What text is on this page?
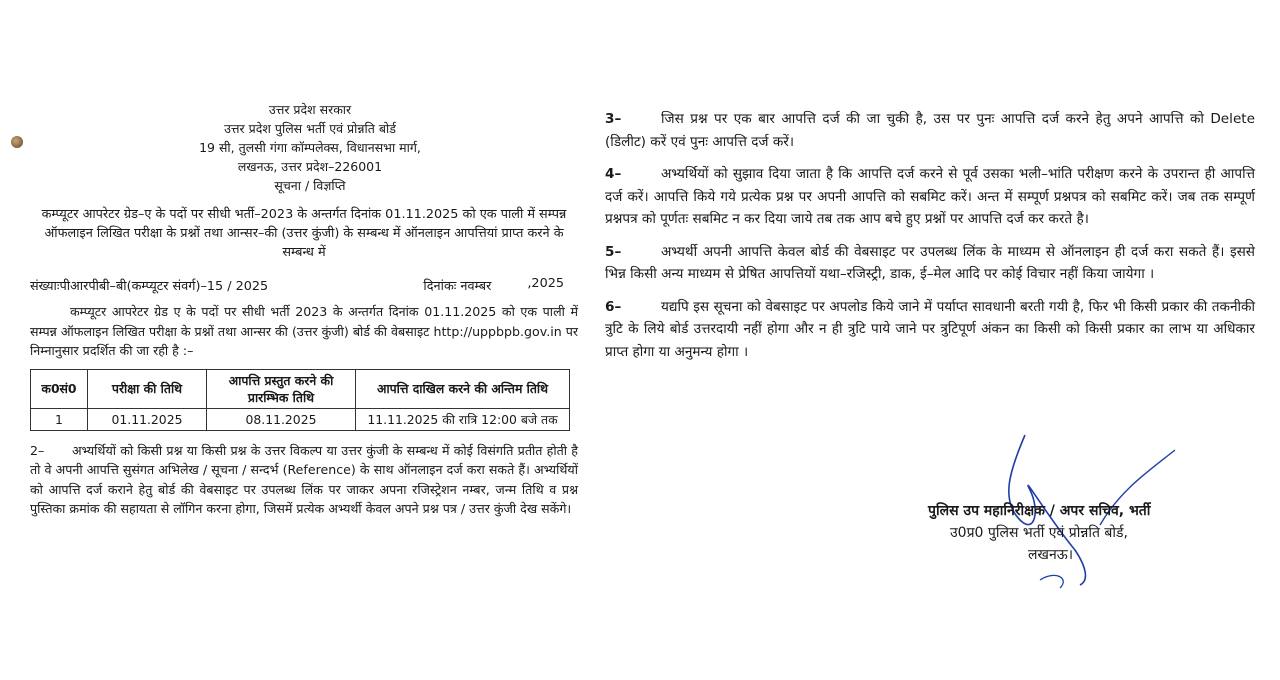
उत्तर प्रदेश सरकार
उत्तर प्रदेश पुलिस भर्ती एवं प्रोन्नति बोर्ड
19 सी, तुलसी गंगा कॉम्पलेक्स, विधानसभा मार्ग,
लखनऊ, उत्तर प्रदेश–226001
सूचना / विज्ञप्ति
कम्प्यूटर आपरेटर ग्रेड–ए के पदों पर सीधी भर्ती–2023 के अन्तर्गत दिनांक 01.11.2025 को एक पाली में सम्पन्न ऑफलाइन लिखित परीक्षा के प्रश्नों तथा आन्सर–की (उत्तर कुंजी) के सम्बन्ध में ऑनलाइन आपत्तियां प्राप्त करने के सम्बन्ध में
संख्याःपीआरपीबी–बी(कम्प्यूटर संवर्ग)–15 / 2025	दिनांकः नवम्बर	,2025

कम्प्यूटर आपरेटर ग्रेड ए के पदों पर सीधी भर्ती 2023 के अन्तर्गत दिनांक 01.11.2025 को एक पाली में सम्पन्न ऑफलाइन लिखित परीक्षा के प्रश्नों तथा आन्सर की (उत्तर कुंजी) बोर्ड की वेबसाइट http://uppbpb.gov.in पर निम्नानुसार प्रदर्शित की जा रही है :–

क0सं0	परीक्षा की तिथि	आपत्ति प्रस्तुत करने की प्रारम्भिक तिथि	आपत्ति दाखिल करने की अन्तिम तिथि
1	01.11.2025	08.11.2025	11.11.2025 की रात्रि 12:00 बजे तक

2– अभ्यर्थियों को किसी प्रश्न या किसी प्रश्न के उत्तर विकल्प या उत्तर कुंजी के सम्बन्ध में कोई विसंगति प्रतीत होती है तो वे अपनी आपत्ति सुसंगत अभिलेख / सूचना / सन्दर्भ (Reference) के साथ ऑनलाइन दर्ज करा सकते हैं। अभ्यर्थियों को आपत्ति दर्ज कराने हेतु बोर्ड की वेबसाइट पर उपलब्ध लिंक पर जाकर अपना रजिस्ट्रेशन नम्बर, जन्म तिथि व प्रश्न पुस्तिका क्रमांक की सहायता से लॉगिन करना होगा, जिसमें प्रत्येक अभ्यर्थी केवल अपने प्रश्न पत्र / उत्तर कुंजी देख सकेंगे।

3–	जिस प्रश्न पर एक बार आपत्ति दर्ज की जा चुकी है, उस पर पुनः आपत्ति दर्ज करने हेतु अपने आपत्ति को Delete (डिलीट) करें एवं पुनः आपत्ति दर्ज करें।

4–	अभ्यर्थियों को सुझाव दिया जाता है कि आपत्ति दर्ज करने से पूर्व उसका भली–भांति परीक्षण करने के उपरान्त ही आपत्ति दर्ज करें। आपत्ति किये गये प्रत्येक प्रश्न पर अपनी आपत्ति को सबमिट करें। अन्त में सम्पूर्ण प्रश्नपत्र को सबमिट करें। जब तक सम्पूर्ण प्रश्नपत्र को पूर्णतः सबमिट न कर दिया जाये तब तक आप बचे हुए प्रश्नों पर आपत्ति दर्ज कर करते है।

5–	अभ्यर्थी अपनी आपत्ति केवल बोर्ड की वेबसाइट पर उपलब्ध लिंक के माध्यम से ऑनलाइन ही दर्ज करा सकते हैं। इससे भिन्न किसी अन्य माध्यम से प्रेषित आपत्तियों यथा–रजिस्ट्री, डाक, ई–मेल आदि पर कोई विचार नहीं किया जायेगा ।

6–	यद्यपि इस सूचना को वेबसाइट पर अपलोड किये जाने में पर्याप्त सावधानी बरती गयी है, फिर भी किसी प्रकार की तकनीकी त्रुटि के लिये बोर्ड उत्तरदायी नहीं होगा और न ही त्रुटि पाये जाने पर त्रुटिपूर्ण अंकन का किसी को किसी प्रकार का लाभ या अधिकार प्राप्त होगा या अनुमन्य होगा ।

पुलिस उप महानिरीक्षक / अपर सचिव, भर्ती
उ0प्र0 पुलिस भर्ती एवं प्रोन्नति बोर्ड,
लखनऊ।
